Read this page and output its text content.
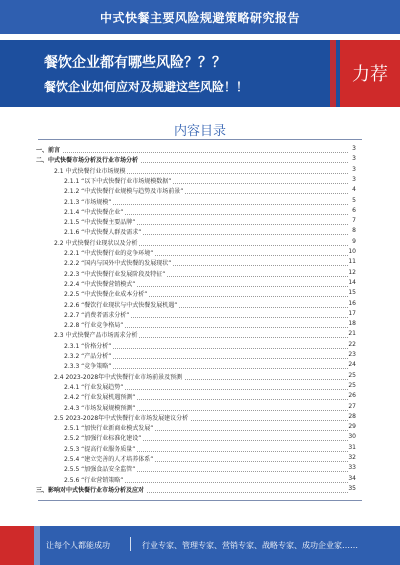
中式快餐主要风险规避策略研究报告
餐饮企业都有哪些风险？？？
餐饮企业如何应对及规避这些风险！！
力荐
内容目录
一、前言	3
二、中式快餐市场分析及行业市场分析	3
2.1 中式快餐行业市场规模	3
2.1.1 “以下中式快餐行业市场规模数据”	3
2.1.2 “中式快餐行业规模与趋势及市场前景”	4
2.1.3 “市场规模”	5
2.1.4 “中式快餐企业”	6
2.1.5 “中式快餐主要品牌”	7
2.1.6 “中式快餐人群及需求”	8
2.2 中式快餐行业现状以及分析	9
2.2.1 “中式快餐行业的竞争环境”	10
2.2.2 “国内与国外中式快餐的发展现状”	11
2.2.3 “中式快餐行业发展阶段及特征”	12
2.2.4 “中式快餐营销模式”	14
2.2.5 “中式快餐企业成本分析”	15
2.2.6 “餐饮行业现状与中式快餐发展机遇”	16
2.2.7 “消费者需求分析”	17
2.2.8 “行业竞争格局”	18
2.3 中式快餐产品市场需求分析	21
2.3.1 “价格分析”	22
2.3.2 “产品分析”	23
2.3.3 “竞争策略”	24
2.4 2023-2028年中式快餐行业市场前景及预测	25
2.4.1 “行业发展趋势”	25
2.4.2 “行业发展机遇预测”	26
2.4.3 “市场发展规模预测”	27
2.5 2023-2028年中式快餐行业市场发展建议分析	28
2.5.1 “加快行业新商业模式发展”	29
2.5.2 “加强行业标准化建设”	30
2.5.3 “提高行业服务质量”	31
2.5.4 “建立完善的人才培养体系”	32
2.5.5 “加强食品安全监管”	33
2.5.6 “行业营销策略”	34
三、影响对中式快餐行业市场分析及应对	35
让每个人都能成功	行业专家、管理专家、营销专家、战略专家、成功企业家……
